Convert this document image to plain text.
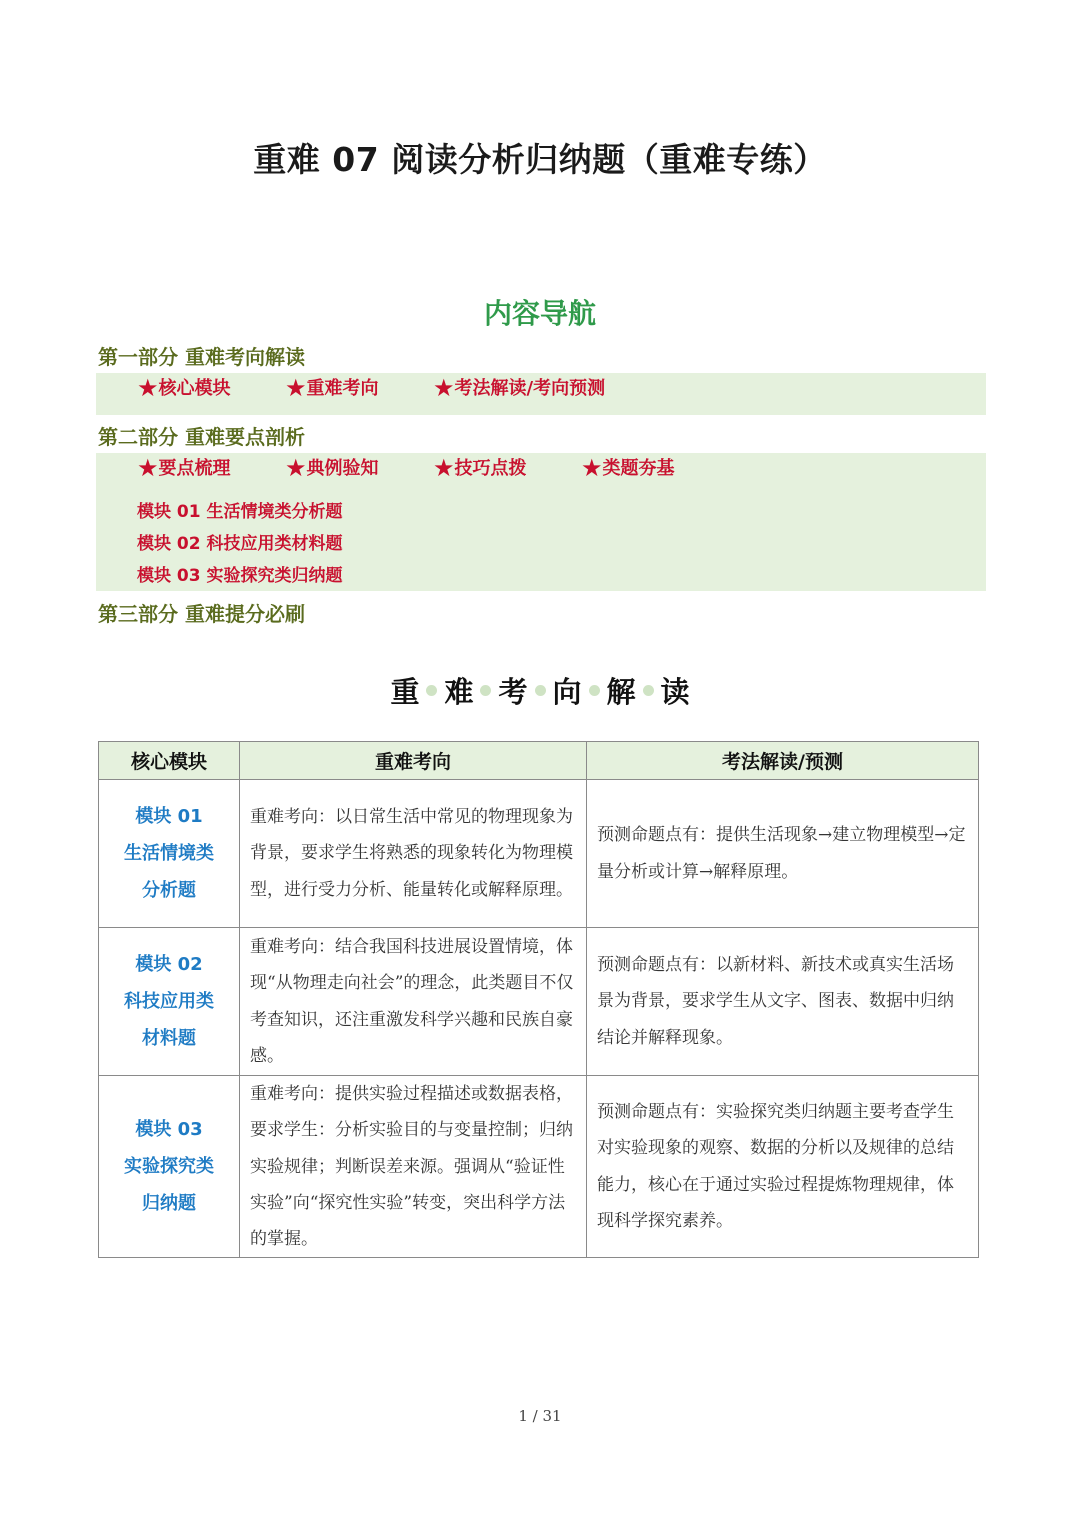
重难 07 阅读分析归纳题（重难专练）
内容导航
第一部分 重难考向解读
★核心模块 ★重难考向 ★考法解读/考向预测
第二部分 重难要点剖析
★要点梳理 ★典例验知 ★技巧点拨 ★类题夯基
模块 01 生活情境类分析题
模块 02 科技应用类材料题
模块 03 实验探究类归纳题
第三部分 重难提分必刷
重 难 考 向 解 读
核心模块	重难考向	考法解读/预测

模块 01
生活情境类
分析题	重难考向：以日常生活中常见的物理现象为背景，要求学生将熟悉的现象转化为物理模型，进行受力分析、能量转化或解释原理。	预测命题点有：提供生活现象→建立物理模型→定量分析或计算→解释原理。

模块 02
科技应用类
材料题	重难考向：结合我国科技进展设置情境，体现“从物理走向社会”的理念，此类题目不仅考查知识，还注重激发科学兴趣和民族自豪感。	预测命题点有：以新材料、新技术或真实生活场景为背景，要求学生从文字、图表、数据中归纳结论并解释现象。

模块 03
实验探究类
归纳题	重难考向：提供实验过程描述或数据表格，要求学生：分析实验目的与变量控制；归纳实验规律；判断误差来源。强调从“验证性实验”向“探究性实验”转变，突出科学方法的掌握。	预测命题点有：实验探究类归纳题主要考查学生对实验现象的观察、数据的分析以及规律的总结能力，核心在于通过实验过程提炼物理规律，体现科学探究素养。
1 / 31
